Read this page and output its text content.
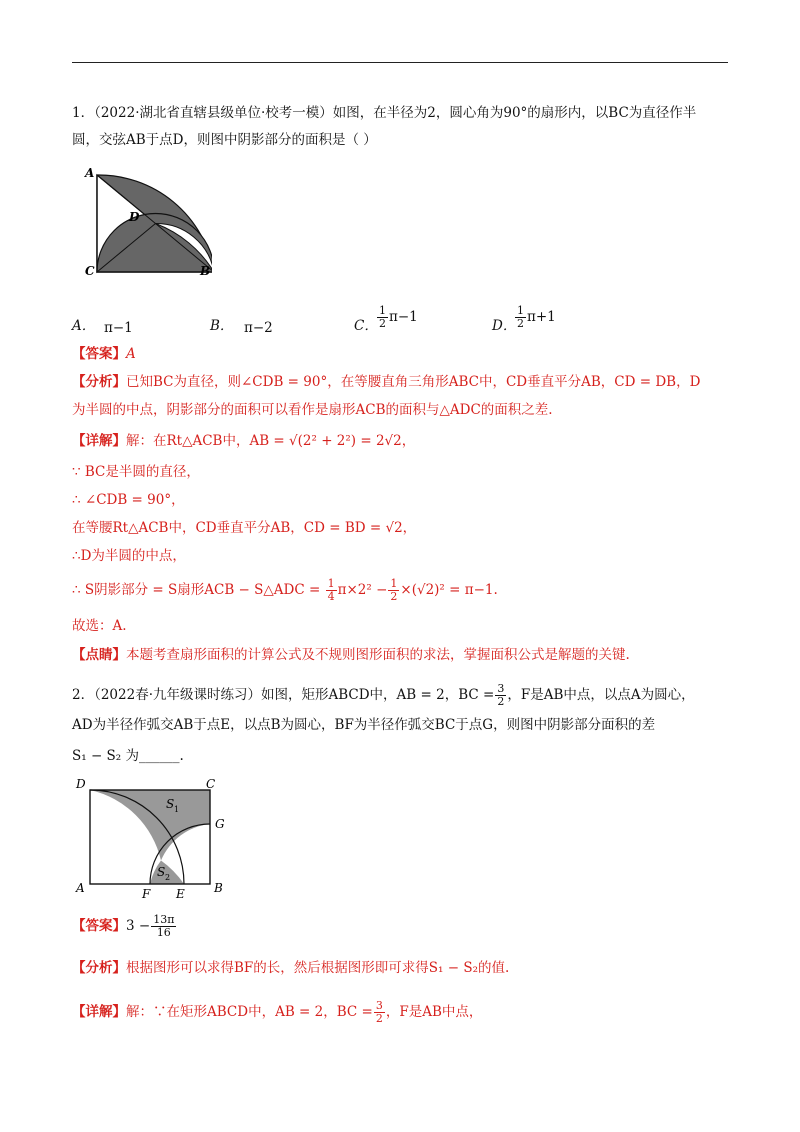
1．（2022·湖北省直辖县级单位·校考一模）如图，在半径为2，圆心角为90°的扇形内，以BC为直径作半
圆，交弦AB于点D，则图中阴影部分的面积是（ ）
A
C	B
D
A． π−1	B． π−2	C． $\frac{1}{2} \pi-1$
D．
$\frac{1}{2} \pi+1$
【答案】A
【分析】已知BC为直径，则∠CDB = 90°，在等腰直角三角形ABC中，CD垂直平分AB，CD = DB，D
为半圆的中点，阴影部分的面积可以看作是扇形ACB的面积与△ADC的面积之差.
【详解】解：在Rt△ACB中，AB = √(2² + 2²) = 2√2，
∵ BC是半圆的直径，
∴ ∠CDB = 90°，
在等腰Rt△ACB中，CD垂直平分AB，CD = BD = √2，
∴D为半圆的中点，
∴ S阴影部分 = S扇形ACB − S△ADC = $\frac{1}{4} \pi\times 2^2 - \frac{1}{2} \times(√2)^2 = \pi-1$.
故选：A.
【点睛】本题考查扇形面积的计算公式及不规则图形面积的求法，掌握面积公式是解题的关键.
2．（2022春·九年级课时练习）如图，矩形ABCD中，AB = 2，BC = $\frac{3}{2}$ ，F是AB中点，以点A为圆心，
AD为半径作弧交AB于点E，以点B为圆心，BF为半径作弧交BC于点G，则图中阴影部分面积的差
S₁ − S₂ 为______.
D	C
G
A	B
F E
S 1
S 2
【答案】$3 - \frac{13\pi}{16}$
【分析】根据图形可以求得BF的长，然后根据图形即可求得S₁ − S₂的值.
【详解】解：∵在矩形ABCD中，AB = 2，BC = $\frac{3}{2}$ ，F是AB中点，
